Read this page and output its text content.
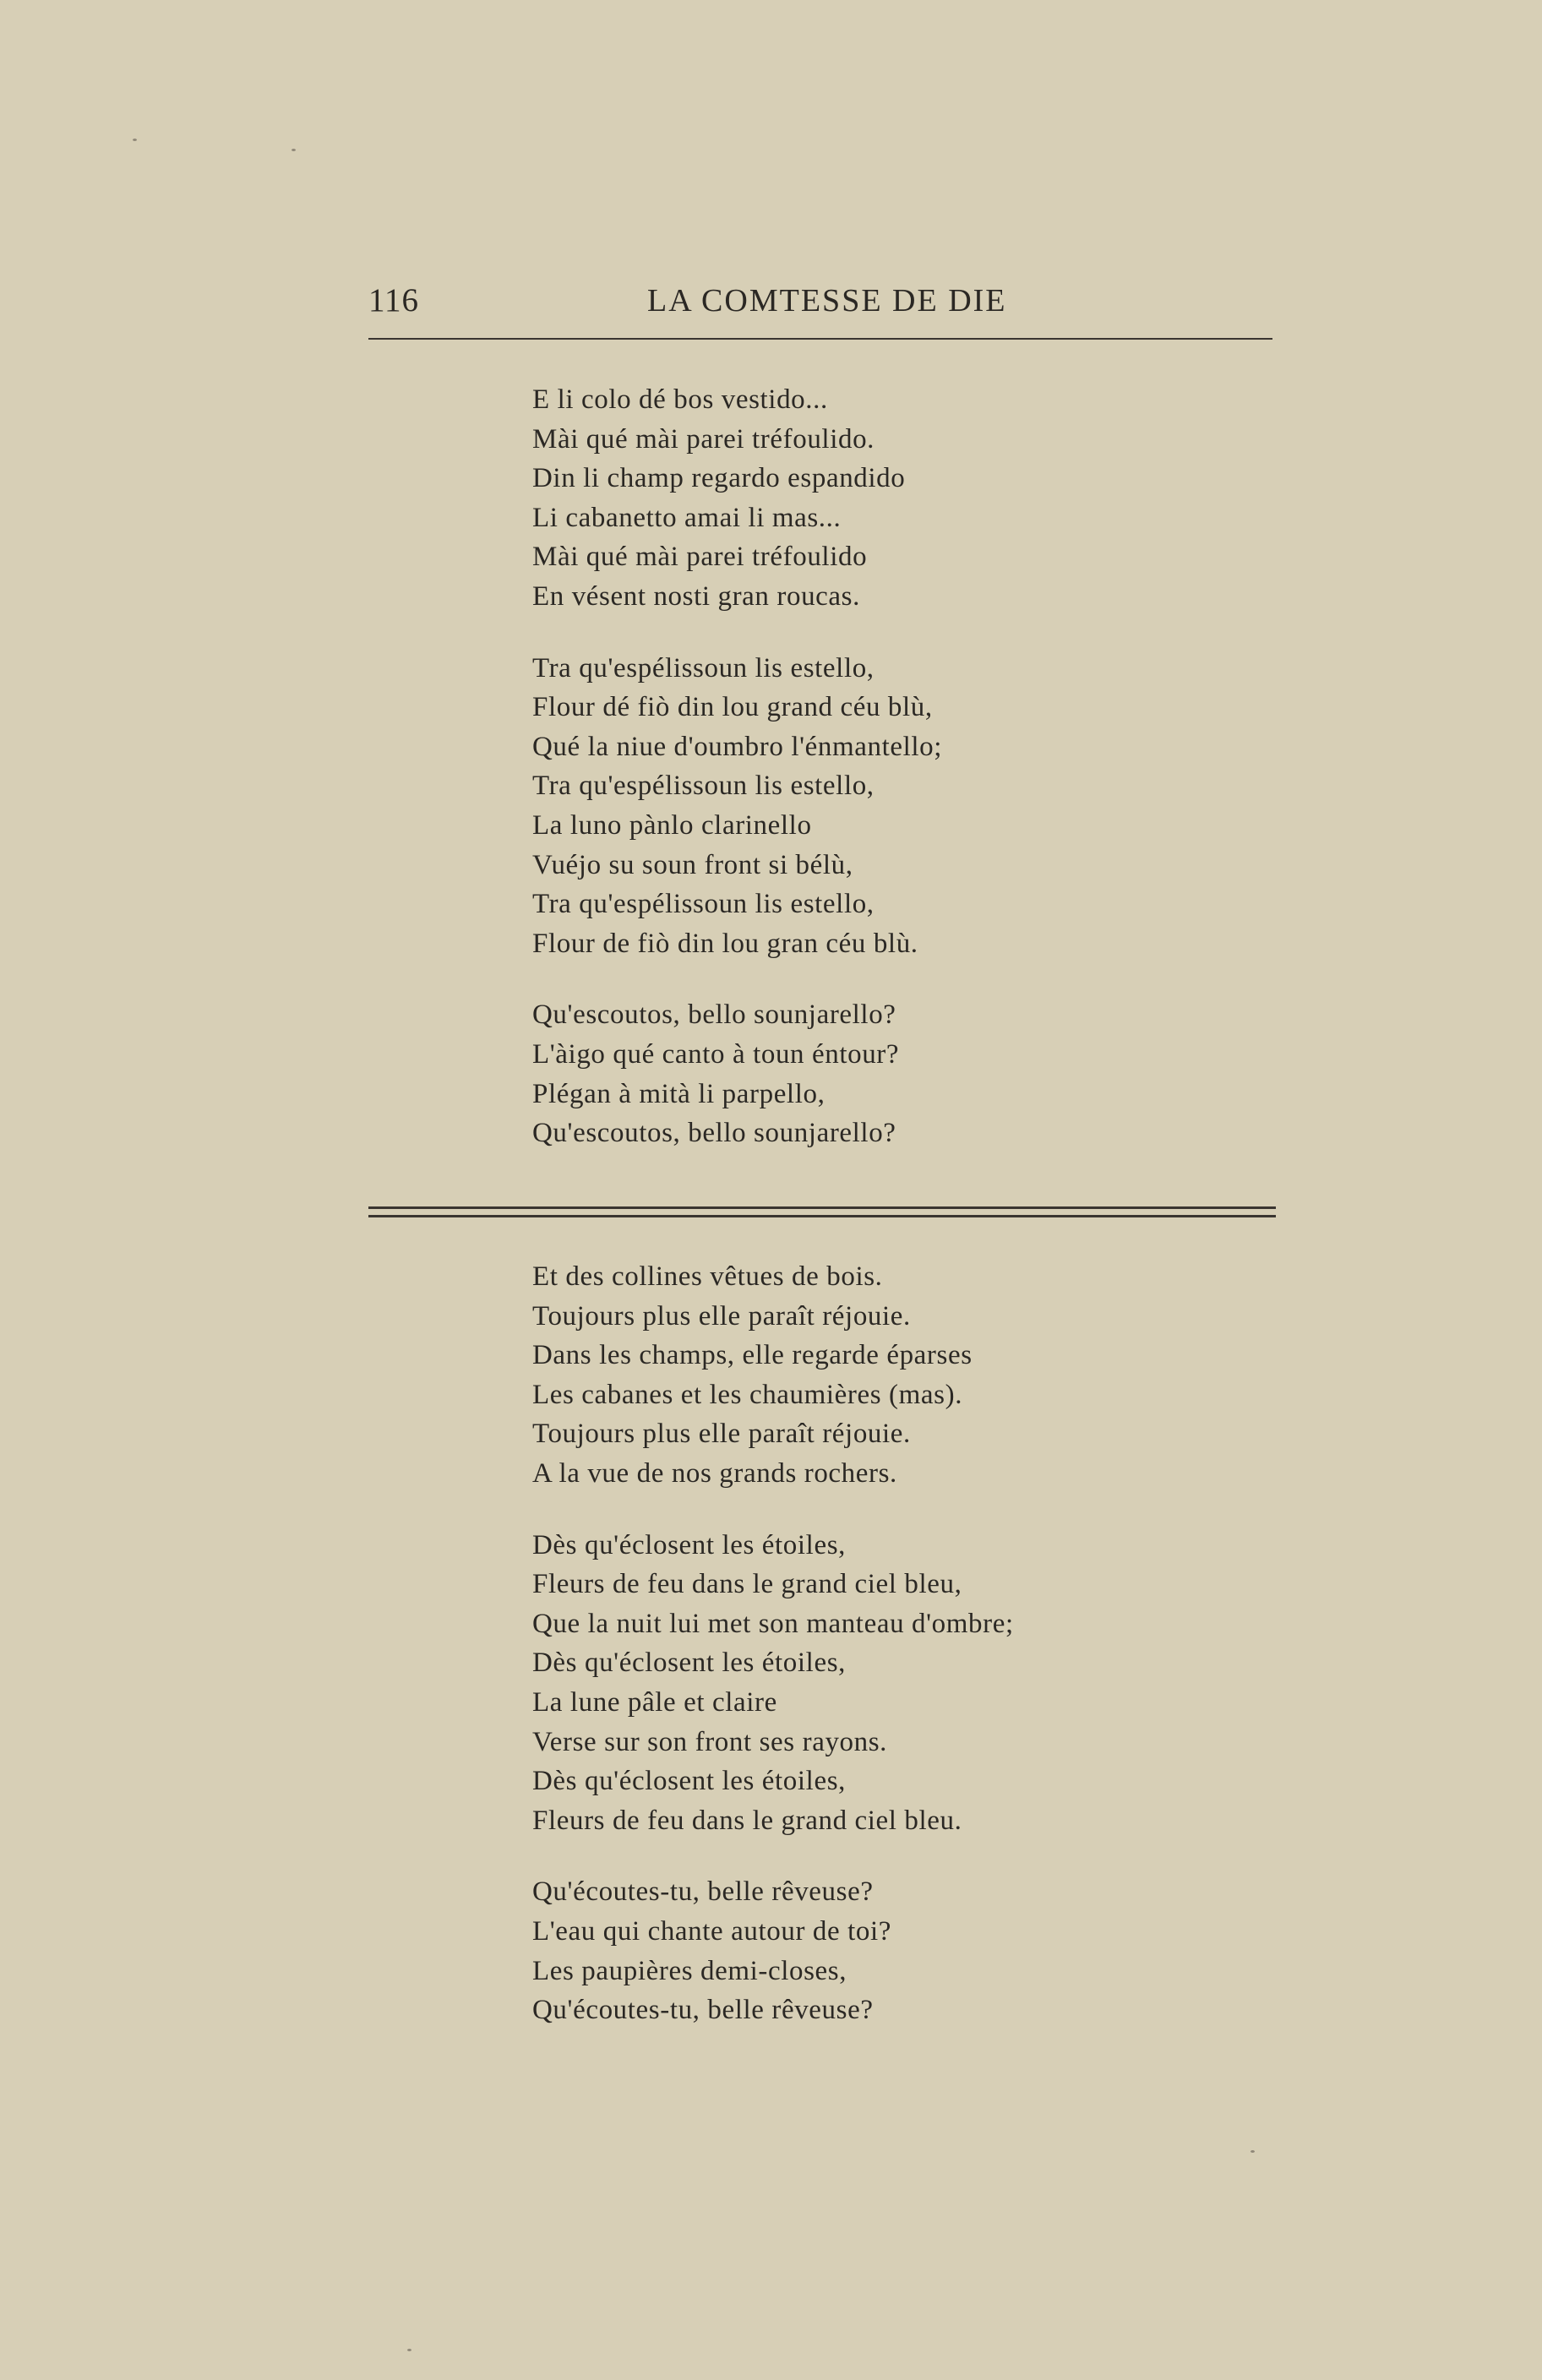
116	LA COMTESSE DE DIE
E li colo dé bos vestido...
Mài qué mài parei tréfoulido.
Din li champ regardo espandido
Li cabanetto amai li mas...
Mài qué mài parei tréfoulido
En vésent nosti gran roucas.
Tra qu'espélissoun lis estello,
Flour dé fiò din lou grand céu blù,
Qué la niue d'oumbro l'énmantello;
Tra qu'espélissoun lis estello,
La luno pànlo clarinello
Vuéjo su soun front si bélù,
Tra qu'espélissoun lis estello,
Flour de fiò din lou gran céu blù.
Qu'escoutos, bello sounjarello?
L'àigo qué canto à toun éntour?
Plégan à mità li parpello,
Qu'escoutos, bello sounjarello?
Et des collines vêtues de bois.
Toujours plus elle paraît réjouie.
Dans les champs, elle regarde éparses
Les cabanes et les chaumières (mas).
Toujours plus elle paraît réjouie.
A la vue de nos grands rochers.
Dès qu'éclosent les étoiles,
Fleurs de feu dans le grand ciel bleu,
Que la nuit lui met son manteau d'ombre;
Dès qu'éclosent les étoiles,
La lune pâle et claire
Verse sur son front ses rayons.
Dès qu'éclosent les étoiles,
Fleurs de feu dans le grand ciel bleu.
Qu'écoutes-tu, belle rêveuse?
L'eau qui chante autour de toi?
Les paupières demi-closes,
Qu'écoutes-tu, belle rêveuse?
